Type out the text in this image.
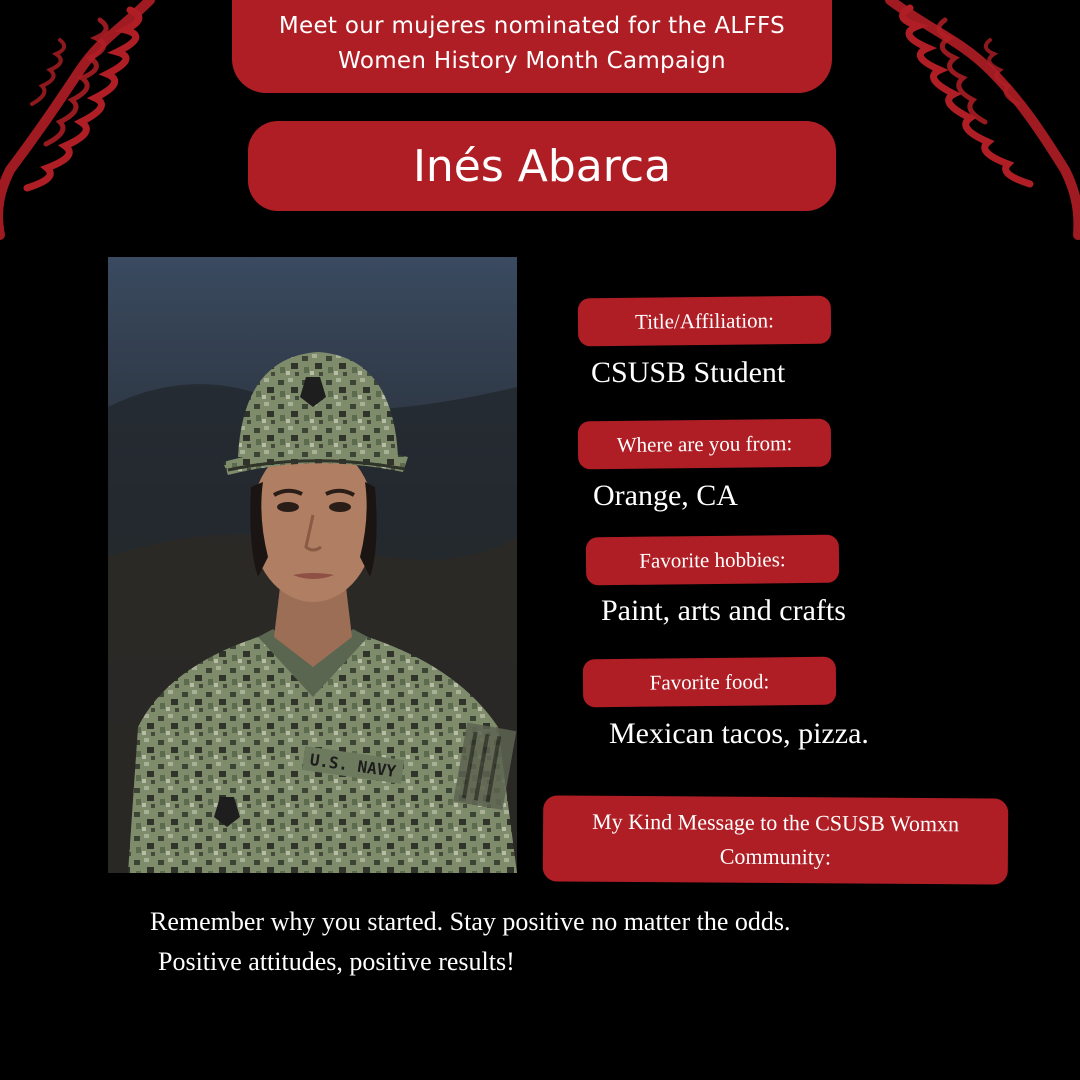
Meet our mujeres nominated for the ALFFS
Women History Month Campaign
Inés Abarca
U.S. NAVY
Title/Affiliation:
CSUSB Student
Where are you from:
Orange, CA
Favorite hobbies:
Paint, arts and crafts
Favorite food:
Mexican tacos, pizza.
My Kind Message to the CSUSB Womxn
Community:
Remember why you started. Stay positive no matter the odds.
Positive attitudes, positive results!
